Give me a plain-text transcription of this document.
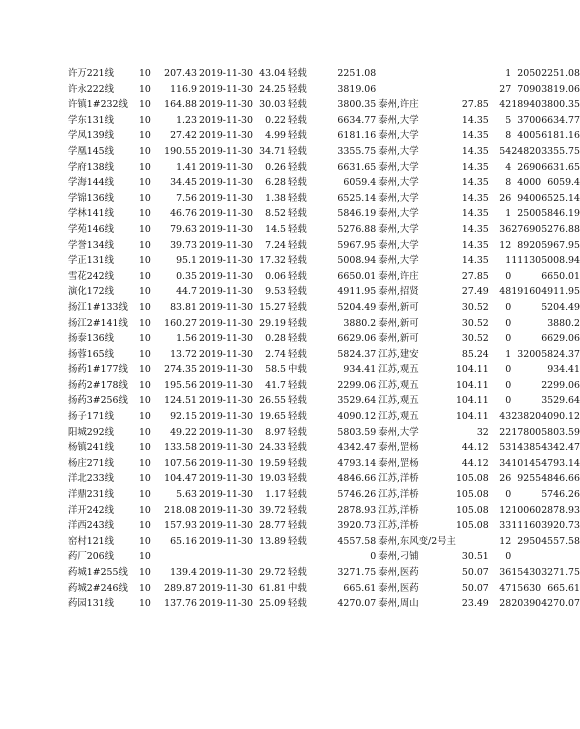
许万221线	10	207.43	2019-11-30	43.04	轻载	2251.08			1	2050	2251.08
许永222线	10	116.9	2019-11-30	24.25	轻载	3819.06			27	7090	3819.06
许镇1#232线	10	164.88	2019-11-30	30.03	轻载	3800.35	泰州,许庄	27.85	42	18940	3800.35
学东131线	10	1.23	2019-11-30	0.22	轻载	6634.77	泰州,大学	14.35	5	3700	6634.77
学凤139线	10	27.42	2019-11-30	4.99	轻载	6181.16	泰州,大学	14.35	8	4005	6181.16
学凰145线	10	190.55	2019-11-30	34.71	轻载	3355.75	泰州,大学	14.35	54	24820	3355.75
学府138线	10	1.41	2019-11-30	0.26	轻载	6631.65	泰州,大学	14.35	4	2690	6631.65
学海144线	10	34.45	2019-11-30	6.28	轻载	6059.4	泰州,大学	14.35	8	4000	6059.4
学锦136线	10	7.56	2019-11-30	1.38	轻载	6525.14	泰州,大学	14.35	26	9400	6525.14
学林141线	10	46.76	2019-11-30	8.52	轻载	5846.19	泰州,大学	14.35	1	2500	5846.19
学苑146线	10	79.63	2019-11-30	14.5	轻载	5276.88	泰州,大学	14.35	36	27690	5276.88
学誉134线	10	39.73	2019-11-30	7.24	轻载	5967.95	泰州,大学	14.35	12	8920	5967.95
学正131线	10	95.1	2019-11-30	17.32	轻载	5008.94	泰州,大学	14.35	1	11130	5008.94
雪花242线	10	0.35	2019-11-30	0.06	轻载	6650.01	泰州,许庄	27.85	0		6650.01
演化172线	10	44.7	2019-11-30	9.53	轻载	4911.95	泰州,招贤	27.49	48	19160	4911.95
扬江1#133线	10	83.81	2019-11-30	15.27	轻载	5204.49	泰州,新可	30.52	0		5204.49
扬江2#141线	10	160.27	2019-11-30	29.19	轻载	3880.2	泰州,新可	30.52	0		3880.2
扬泰136线	10	1.56	2019-11-30	0.28	轻载	6629.06	泰州,新可	30.52	0		6629.06
扬蓉165线	10	13.72	2019-11-30	2.74	轻载	5824.37	江苏,建安	85.24	1	3200	5824.37
扬药1#177线	10	274.35	2019-11-30	58.5	中载	934.41	江苏,观五	104.11	0		934.41
扬药2#178线	10	195.56	2019-11-30	41.7	轻载	2299.06	江苏,观五	104.11	0		2299.06
扬药3#256线	10	124.51	2019-11-30	26.55	轻载	3529.64	江苏,观五	104.11	0		3529.64
扬子171线	10	92.15	2019-11-30	19.65	轻载	4090.12	江苏,观五	104.11	43	23820	4090.12
阳城292线	10	49.22	2019-11-30	8.97	轻载	5803.59	泰州,大学	32	22	17800	5803.59
杨镇241线	10	133.58	2019-11-30	24.33	轻载	4342.47	泰州,罡杨	44.12	53	14385	4342.47
杨庄271线	10	107.56	2019-11-30	19.59	轻载	4793.14	泰州,罡杨	44.12	34	10145	4793.14
洋北233线	10	104.47	2019-11-30	19.03	轻载	4846.66	江苏,洋桥	105.08	26	9255	4846.66
洋鼎231线	10	5.63	2019-11-30	1.17	轻载	5746.26	江苏,洋桥	105.08	0		5746.26
洋开242线	10	218.08	2019-11-30	39.72	轻载	2878.93	江苏,洋桥	105.08	12	10060	2878.93
洋西243线	10	157.93	2019-11-30	28.77	轻载	3920.73	江苏,洋桥	105.08	33	11160	3920.73
窑村121线	10	65.16	2019-11-30	13.89	轻载	4557.58	泰州,东风变/2号主		12	2950	4557.58
药厂206线	10					0	泰州,刁铺	30.51	0		
药城1#255线	10	139.4	2019-11-30	29.72	轻载	3271.75	泰州,医药	50.07	36	15430	3271.75
药城2#246线	10	289.87	2019-11-30	61.81	中载	665.61	泰州,医药	50.07	47	15630	665.61
药园131线	10	137.76	2019-11-30	25.09	轻载	4270.07	泰州,周山	23.49	28	20390	4270.07
